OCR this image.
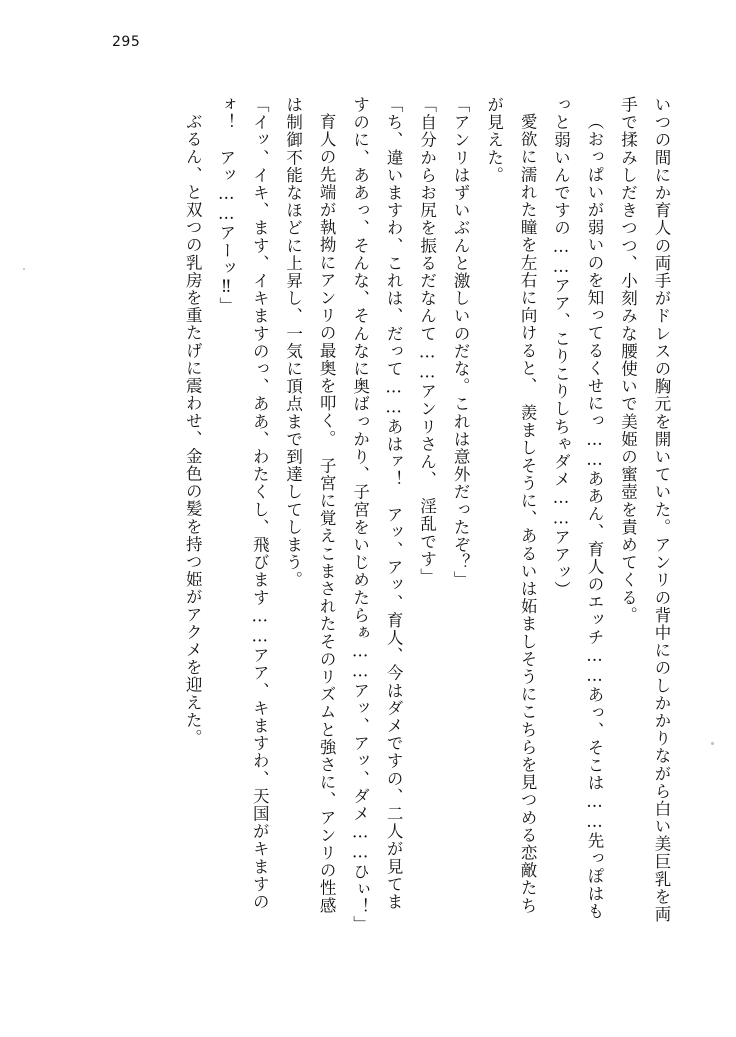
295

いつの間にか育人の両手がドレスの胸元を開いていた。アンリの背中にのしかかりながら白い美巨乳を両手で揉みしだきつつ、小刻みな腰使いで美姫の蜜壺を責めてくる。

（おっぱいが弱いのを知ってるくせにっ……ああん、育人のエッチ……あっ、そこは……先っぽはもっと弱いんですの……アア、こりこりしちゃダメ……アアッ）

愛欲に濡れた瞳を左右に向けると、　羨ましそうに、あるいは妬ましそうにこちらを見つめる恋敵たちが見えた。

「アンリはずいぶんと激しいのだな。これは意外だったぞ？」

「自分からお尻を振るだなんて……アンリさん、　淫乱です」

「ち、違いますわ、これは、だって……あはァ！　アッ、アッ、育人、今はダメですの、二人が見てますのに、ああっ、そんな、そんなに奥ばっかり、子宮をいじめたらぁ……アッ、アッ、ダメ……ひぃ！」

育人の先端が執拗にアンリの最奥を叩く。　子宮に覚えこまされたそのリズムと強さに、アンリの性感は制御不能なほどに上昇し、一気に頂点まで到達してしまう。

「イッ、イキ、ます、イキますのっ、ああ、わたくし、飛びます……アア、キますわ、天国がキますのォ！　アッ……アーッ‼」

ぶるん、と双つの乳房を重たげに震わせ、金色の髪を持つ姫がアクメを迎えた。
